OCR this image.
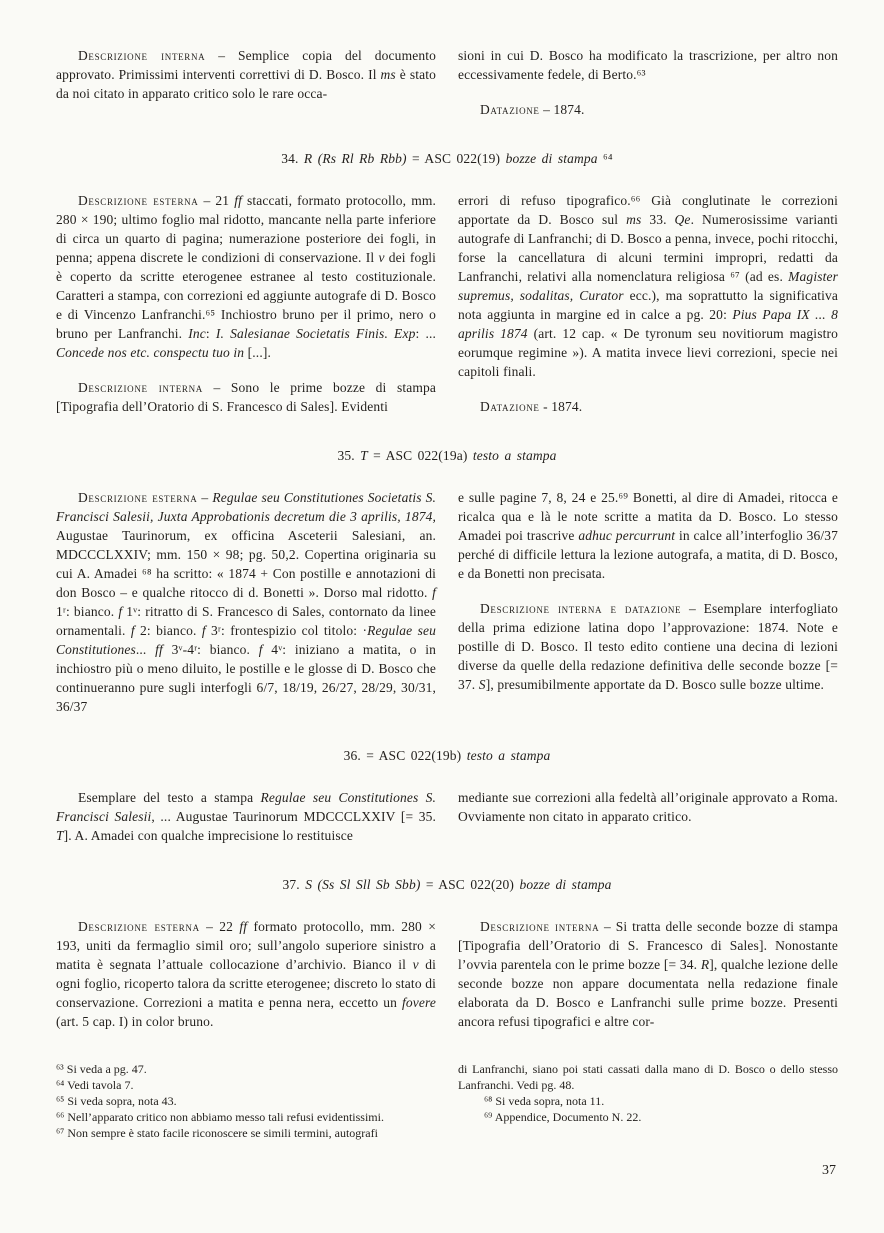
Descrizione interna – Semplice copia del documento approvato. Primissimi interventi correttivi di D. Bosco. Il ms è stato da noi citato in apparato critico solo le rare occa-

sioni in cui D. Bosco ha modificato la trascrizione, per altro non eccessivamente fedele, di Berto.⁶³

Datazione – 1874.

34. R (Rs Rl Rb Rbb) = ASC 022(19) bozze di stampa ⁶⁴

Descrizione esterna – 21 ff staccati, formato protocollo, mm. 280 × 190; ultimo foglio mal ridotto, mancante nella parte inferiore di circa un quarto di pagina; numerazione posteriore dei fogli, in penna; appena discrete le condizioni di conservazione. Il v dei fogli è coperto da scritte eterogenee estranee al testo costituzionale. Caratteri a stampa, con correzioni ed aggiunte autografe di D. Bosco e di Vincenzo Lanfranchi.⁶⁵ Inchiostro bruno per il primo, nero o bruno per Lanfranchi. Inc: I. Salesianae Societatis Finis. Exp: ... Concede nos etc. conspectu tuo in [...].

Descrizione interna – Sono le prime bozze di stampa [Tipografia dell’Oratorio di S. Francesco di Sales]. Evidenti

errori di refuso tipografico.⁶⁶ Già conglutinate le correzioni apportate da D. Bosco sul ms 33. Qe. Numerosissime varianti autografe di Lanfranchi; di D. Bosco a penna, invece, pochi ritocchi, forse la cancellatura di alcuni termini impropri, redatti da Lanfranchi, relativi alla nomenclatura religiosa ⁶⁷ (ad es. Magister supremus, sodalitas, Curator ecc.), ma soprattutto la significativa nota aggiunta in margine ed in calce a pg. 20: Pius Papa IX ... 8 aprilis 1874 (art. 12 cap. « De tyronum seu novitiorum magistro eorumque regimine »). A matita invece lievi correzioni, specie nei capitoli finali.

Datazione - 1874.

35. T = ASC 022(19a) testo a stampa

Descrizione esterna – Regulae seu Constitutiones Societatis S. Francisci Salesii, Juxta Approbationis decretum die 3 aprilis, 1874, Augustae Taurinorum, ex officina Asceterii Salesiani, an. MDCCCLXXIV; mm. 150 × 98; pg. 50,2. Copertina originaria su cui A. Amadei ⁶⁸ ha scritto: « 1874 + Con postille e annotazioni di don Bosco – e qualche ritocco di d. Bonetti ». Dorso mal ridotto. f 1ʳ: bianco. f 1ᵛ: ritratto di S. Francesco di Sales, contornato da linee ornamentali. f 2: bianco. f 3ʳ: frontespizio col titolo: ·Regulae seu Constitutiones... ff 3ᵛ-4ʳ: bianco. f 4ᵛ: iniziano a matita, o in inchiostro più o meno diluito, le postille e le glosse di D. Bosco che continueranno pure sugli interfogli 6/7, 18/19, 26/27, 28/29, 30/31, 36/37

e sulle pagine 7, 8, 24 e 25.⁶⁹ Bonetti, al dire di Amadei, ritocca e ricalca qua e là le note scritte a matita da D. Bosco. Lo stesso Amadei poi trascrive adhuc percurrunt in calce all’interfoglio 36/37 perché di difficile lettura la lezione autografa, a matita, di D. Bosco, e da Bonetti non precisata.

Descrizione interna e datazione – Esemplare interfogliato della prima edizione latina dopo l’approvazione: 1874. Note e postille di D. Bosco. Il testo edito contiene una decina di lezioni diverse da quelle della redazione definitiva delle seconde bozze [= 37. S], presumibilmente apportate da D. Bosco sulle bozze ultime.

36. = ASC 022(19b) testo a stampa

Esemplare del testo a stampa Regulae seu Constitutiones S. Francisci Salesii, ... Augustae Taurinorum MDCCCLXXIV [= 35. T]. A. Amadei con qualche imprecisione lo restituisce

mediante sue correzioni alla fedeltà all’originale approvato a Roma. Ovviamente non citato in apparato critico.

37. S (Ss Sl Sll Sb Sbb) = ASC 022(20) bozze di stampa

Descrizione esterna – 22 ff formato protocollo, mm. 280 × 193, uniti da fermaglio simil oro; sull’angolo superiore sinistro a matita è segnata l’attuale collocazione d’archivio. Bianco il v di ogni foglio, ricoperto talora da scritte eterogenee; discreto lo stato di conservazione. Correzioni a matita e penna nera, eccetto un fovere (art. 5 cap. I) in color bruno.

Descrizione interna – Si tratta delle seconde bozze di stampa [Tipografia dell’Oratorio di S. Francesco di Sales]. Nonostante l’ovvia parentela con le prime bozze [= 34. R], qualche lezione delle seconde bozze non appare documentata nella redazione finale elaborata da D. Bosco e Lanfranchi sulle prime bozze. Presenti ancora refusi tipografici e altre cor-

⁶³ Si veda a pg. 47.

⁶⁴ Vedi tavola 7.

⁶⁵ Si veda sopra, nota 43.

⁶⁶ Nell’apparato critico non abbiamo messo tali refusi evidentissimi.

⁶⁷ Non sempre è stato facile riconoscere se simili termini, autografi

di Lanfranchi, siano poi stati cassati dalla mano di D. Bosco o dello stesso Lanfranchi. Vedi pg. 48.

⁶⁸ Si veda sopra, nota 11.

⁶⁹ Appendice, Documento N. 22.

37
